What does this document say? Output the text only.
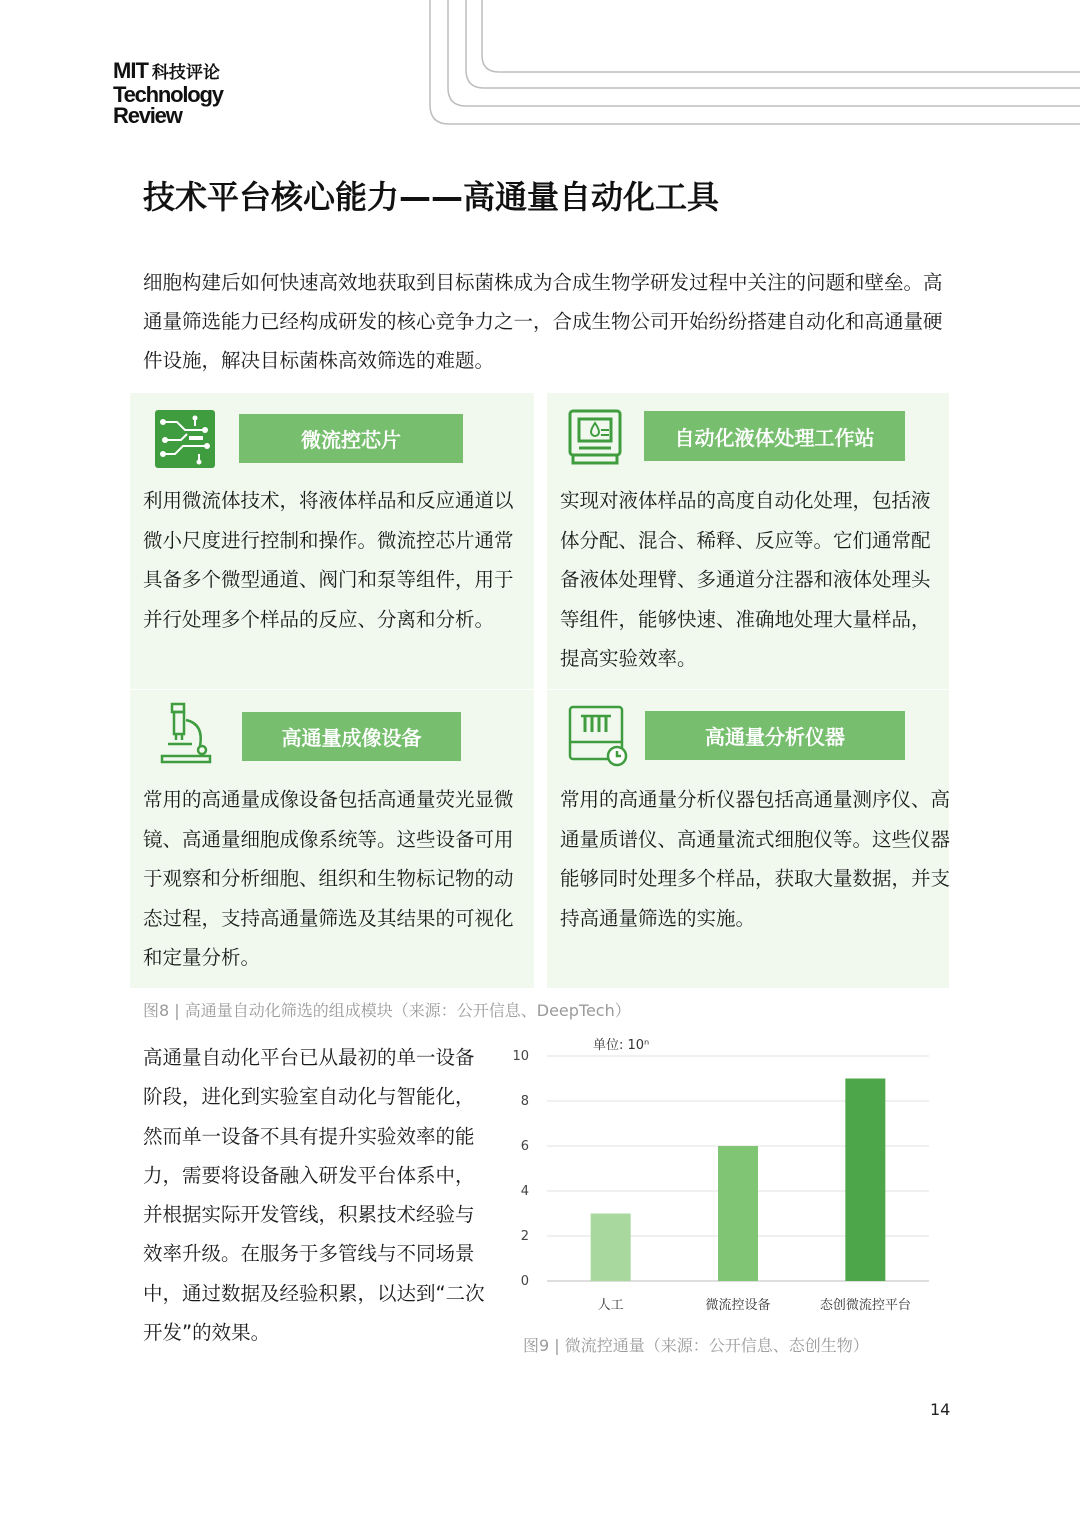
MIT 科技评论
Technology
Review
技术平台核心能力——高通量自动化工具

细胞构建后如何快速高效地获取到目标菌株成为合成生物学研发过程中关注的问题和壁垒。高通量筛选能力已经构成研发的核心竞争力之一，合成生物公司开始纷纷搭建自动化和高通量硬件设施，解决目标菌株高效筛选的难题。

微流控芯片

利用微流体技术，将液体样品和反应通道以微小尺度进行控制和操作。微流控芯片通常具备多个微型通道、阀门和泵等组件，用于并行处理多个样品的反应、分离和分析。

自动化液体处理工作站

实现对液体样品的高度自动化处理，包括液体分配、混合、稀释、反应等。它们通常配备液体处理臂、多通道分注器和液体处理头等组件，能够快速、准确地处理大量样品，提高实验效率。

高通量成像设备

常用的高通量成像设备包括高通量荧光显微镜、高通量细胞成像系统等。这些设备可用于观察和分析细胞、组织和生物标记物的动态过程，支持高通量筛选及其结果的可视化和定量分析。

高通量分析仪器

常用的高通量分析仪器包括高通量测序仪、高通量质谱仪、高通量流式细胞仪等。这些仪器能够同时处理多个样品，获取大量数据，并支持高通量筛选的实施。

图8 | 高通量自动化筛选的组成模块（来源：公开信息、DeepTech）

高通量自动化平台已从最初的单一设备阶段，进化到实验室自动化与智能化，然而单一设备不具有提升实验效率的能力，需要将设备融入研发平台体系中，并根据实际开发管线，积累技术经验与效率升级。在服务于多管线与不同场景中，通过数据及经验积累，以达到“二次开发”的效果。

单位: 10ⁿ
0
2
4
6
8
10
人工	微流控设备	态创微流控平台
图9 | 微流控通量（来源：公开信息、态创生物）
14
